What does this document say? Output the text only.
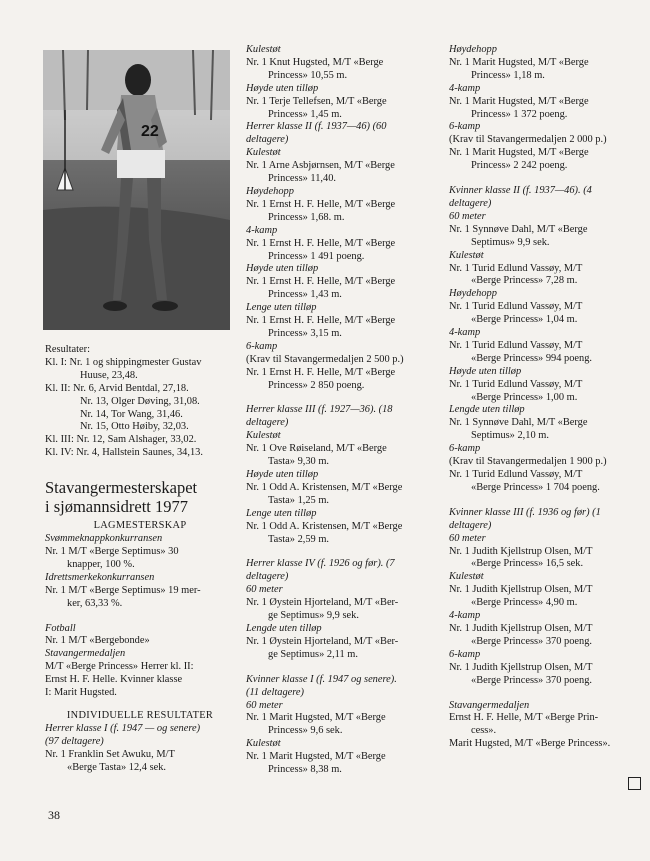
22
Resultater:
Kl. I: Nr. 1 og shippingmester Gustav
Huuse, 23,48.
Kl. II: Nr. 6, Arvid Bentdal, 27,18.
Nr. 13, Olger Døving, 31,08.
Nr. 14, Tor Wang, 31,46.
Nr. 15, Otto Høiby, 32,03.
Kl. III: Nr. 12, Sam Alshager, 33,02.
Kl. IV: Nr. 4, Hallstein Saunes, 34,13.
Stavangermesterskapet
i sjømannsidrett 1977
LAGMESTERSKAP
Svømmeknappkonkurransen
Nr. 1 M/T «Berge Septimus» 30
knapper, 100 %.
Idrettsmerkekonkurransen
Nr. 1 M/T «Berge Septimus» 19 mer-
ker, 63,33 %.
Fotball
Nr. 1 M/T «Bergebonde»
Stavangermedaljen
M/T «Berge Princess» Herrer kl. II:
Ernst H. F. Helle. Kvinner klasse
I: Marit Hugsted.
INDIVIDUELLE RESULTATER
Herrer klasse I (f. 1947 — og senere)
(97 deltagere)
Nr. 1 Franklin Set Awuku, M/T
«Berge Tasta» 12,4 sek.
Kulestøt
Nr. 1 Knut Hugsted, M/T «Berge
Princess» 10,55 m.
Høyde uten tilløp
Nr. 1 Terje Tellefsen, M/T «Berge
Princess» 1,45 m.
Herrer klasse II (f. 1937—46) (60
deltagere)
Kulestøt
Nr. 1 Arne Asbjørnsen, M/T «Berge
Princess» 11,40.
Høydehopp
Nr. 1 Ernst H. F. Helle, M/T «Berge
Princess» 1,68. m.
4-kamp
Nr. 1 Ernst H. F. Helle, M/T «Berge
Princess» 1 491 poeng.
Høyde uten tilløp
Nr. 1 Ernst H. F. Helle, M/T «Berge
Princess» 1,43 m.
Lenge uten tilløp
Nr. 1 Ernst H. F. Helle, M/T «Berge
Princess» 3,15 m.
6-kamp
(Krav til Stavangermedaljen 2 500 p.)
Nr. 1 Ernst H. F. Helle, M/T «Berge
Princess» 2 850 poeng.
Herrer klasse III (f. 1927—36). (18
deltagere)
Kulestøt
Nr. 1 Ove Røiseland, M/T «Berge
Tasta» 9,30 m.
Høyde uten tilløp
Nr. 1 Odd A. Kristensen, M/T «Berge
Tasta» 1,25 m.
Lenge uten tilløp
Nr. 1 Odd A. Kristensen, M/T «Berge
Tasta» 2,59 m.
Herrer klasse IV (f. 1926 og før). (7
deltagere)
60 meter
Nr. 1 Øystein Hjorteland, M/T «Ber-
ge Septimus» 9,9 sek.
Lengde uten tilløp
Nr. 1 Øystein Hjorteland, M/T «Ber-
ge Septimus» 2,11 m.
Kvinner klasse I (f. 1947 og senere).
(11 deltagere)
60 meter
Nr. 1 Marit Hugsted, M/T «Berge
Princess» 9,6 sek.
Kulestøt
Nr. 1 Marit Hugsted, M/T «Berge
Princess» 8,38 m.
Høydehopp
Nr. 1 Marit Hugsted, M/T «Berge
Princess» 1,18 m.
4-kamp
Nr. 1 Marit Hugsted, M/T «Berge
Princess» 1 372 poeng.
6-kamp
(Krav til Stavangermedaljen 2 000 p.)
Nr. 1 Marit Hugsted, M/T «Berge
Princess» 2 242 poeng.
Kvinner klasse II (f. 1937—46). (4
deltagere)
60 meter
Nr. 1 Synnøve Dahl, M/T «Berge
Septimus» 9,9 sek.
Kulestøt
Nr. 1 Turid Edlund Vassøy, M/T
«Berge Princess» 7,28 m.
Høydehopp
Nr. 1 Turid Edlund Vassøy, M/T
«Berge Princess» 1,04 m.
4-kamp
Nr. 1 Turid Edlund Vassøy, M/T
«Berge Princess» 994 poeng.
Høyde uten tilløp
Nr. 1 Turid Edlund Vassøy, M/T
«Berge Princess» 1,00 m.
Lengde uten tilløp
Nr. 1 Synnøve Dahl, M/T «Berge
Septimus» 2,10 m.
6-kamp
(Krav til Stavangermedaljen 1 900 p.)
Nr. 1 Turid Edlund Vassøy, M/T
«Berge Princess» 1 704 poeng.
Kvinner klasse III (f. 1936 og før) (1
deltagere)
60 meter
Nr. 1 Judith Kjellstrup Olsen, M/T
«Berge Princess» 16,5 sek.
Kulestøt
Nr. 1 Judith Kjellstrup Olsen, M/T
«Berge Princess» 4,90 m.
4-kamp
Nr. 1 Judith Kjellstrup Olsen, M/T
«Berge Princess» 370 poeng.
6-kamp
Nr. 1 Judith Kjellstrup Olsen, M/T
«Berge Princess» 370 poeng.
Stavangermedaljen
Ernst H. F. Helle, M/T «Berge Prin-
cess».
Marit Hugsted, M/T «Berge Princess».
38
